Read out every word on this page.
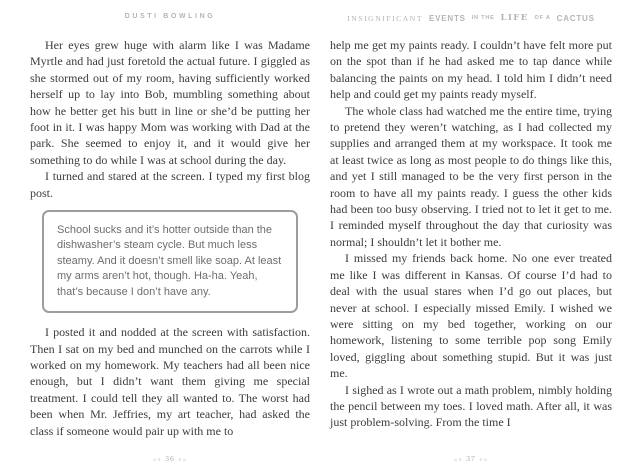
DUSTI BOWLING

Her eyes grew huge with alarm like I was Madame Myrtle and had just foretold the actual future. I giggled as she stormed out of my room, having sufficiently worked herself up to lay into Bob, mumbling something about how he better get his butt in line or she’d be putting her foot in it. I was happy Mom was working with Dad at the park. She seemed to enjoy it, and it would give her something to do while I was at school during the day.

I turned and stared at the screen. I typed my first blog post.

School sucks and it’s hotter outside than the dishwasher’s steam cycle. But much less steamy. And it doesn’t smell like soap. At least my arms aren’t hot, though. Ha-ha. Yeah, that’s because I don’t have any.

I posted it and nodded at the screen with satisfaction. Then I sat on my bed and munched on the carrots while I worked on my homework. My teachers had all been nice enough, but I didn’t want them giving me special treatment. I could tell they all wanted to. The worst had been when Mr. Jeffries, my art teacher, had asked the class if someone would pair up with me to

«∘ 36 ∘»
INSIGNIFICANT EVENTS IN THE LIFE OF A CACTUS

help me get my paints ready. I couldn’t have felt more put on the spot than if he had asked me to tap dance while balancing the paints on my head. I told him I didn’t need help and could get my paints ready myself.

The whole class had watched me the entire time, trying to pretend they weren’t watching, as I had collected my supplies and arranged them at my workspace. It took me at least twice as long as most people to do things like this, and yet I still managed to be the very first person in the room to have all my paints ready. I guess the other kids had been too busy observing. I tried not to let it get to me. I reminded myself throughout the day that curiosity was normal; I shouldn’t let it bother me.

I missed my friends back home. No one ever treated me like I was different in Kansas. Of course I’d had to deal with the usual stares when I’d go out places, but never at school. I especially missed Emily. I wished we were sitting on my bed together, working on our homework, listening to some terrible pop song Emily loved, giggling about something stupid. But it was just me.

I sighed as I wrote out a math problem, nimbly holding the pencil between my toes. I loved math. After all, it was just problem-solving. From the time I

«∘ 37 ∘»
